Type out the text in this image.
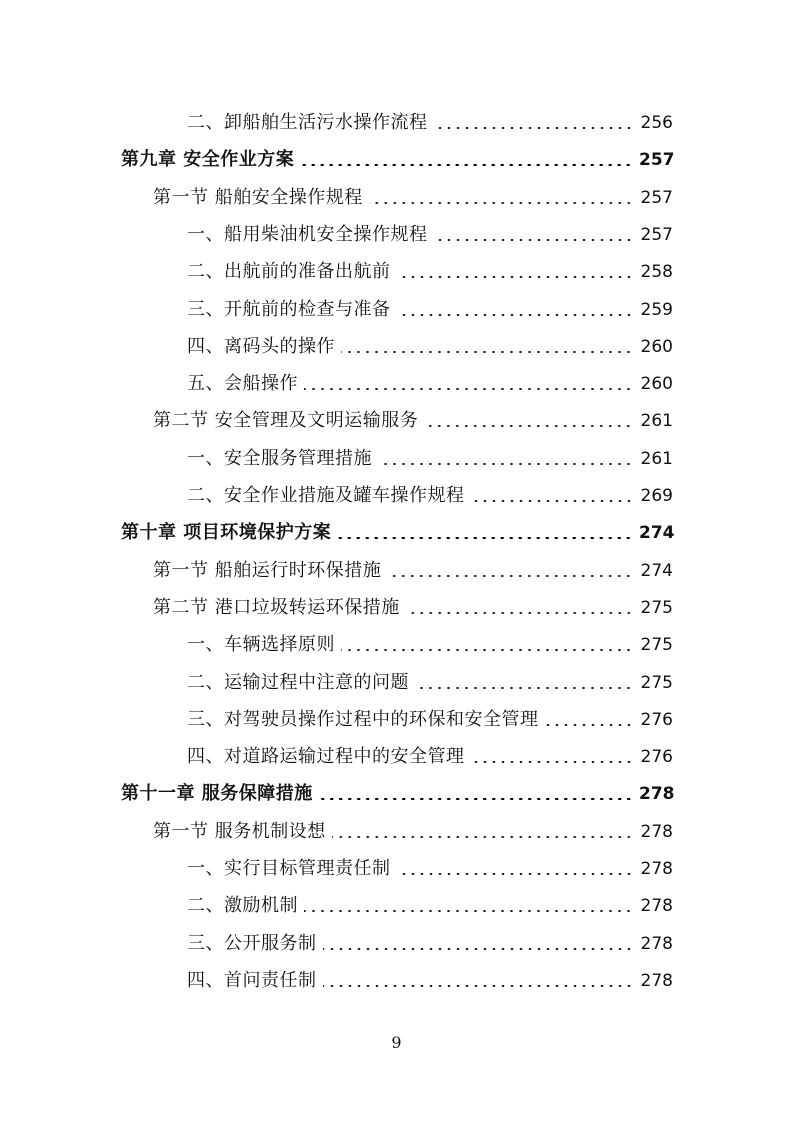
二、卸船舶生活污水操作流程	256
第九章 安全作业方案	257
第一节 船舶安全操作规程	257
一、船用柴油机安全操作规程	257
二、出航前的准备出航前	258
三、开航前的检查与准备	259
四、离码头的操作	260
五、会船操作	260
第二节 安全管理及文明运输服务	261
一、安全服务管理措施	261
二、安全作业措施及罐车操作规程	269
第十章 项目环境保护方案	274
第一节 船舶运行时环保措施	274
第二节 港口垃圾转运环保措施	275
一、车辆选择原则	275
二、运输过程中注意的问题	275
三、对驾驶员操作过程中的环保和安全管理	276
四、对道路运输过程中的安全管理	276
第十一章 服务保障措施	278
第一节 服务机制设想	278
一、实行目标管理责任制	278
二、激励机制	278
三、公开服务制	278
四、首问责任制	278
9
